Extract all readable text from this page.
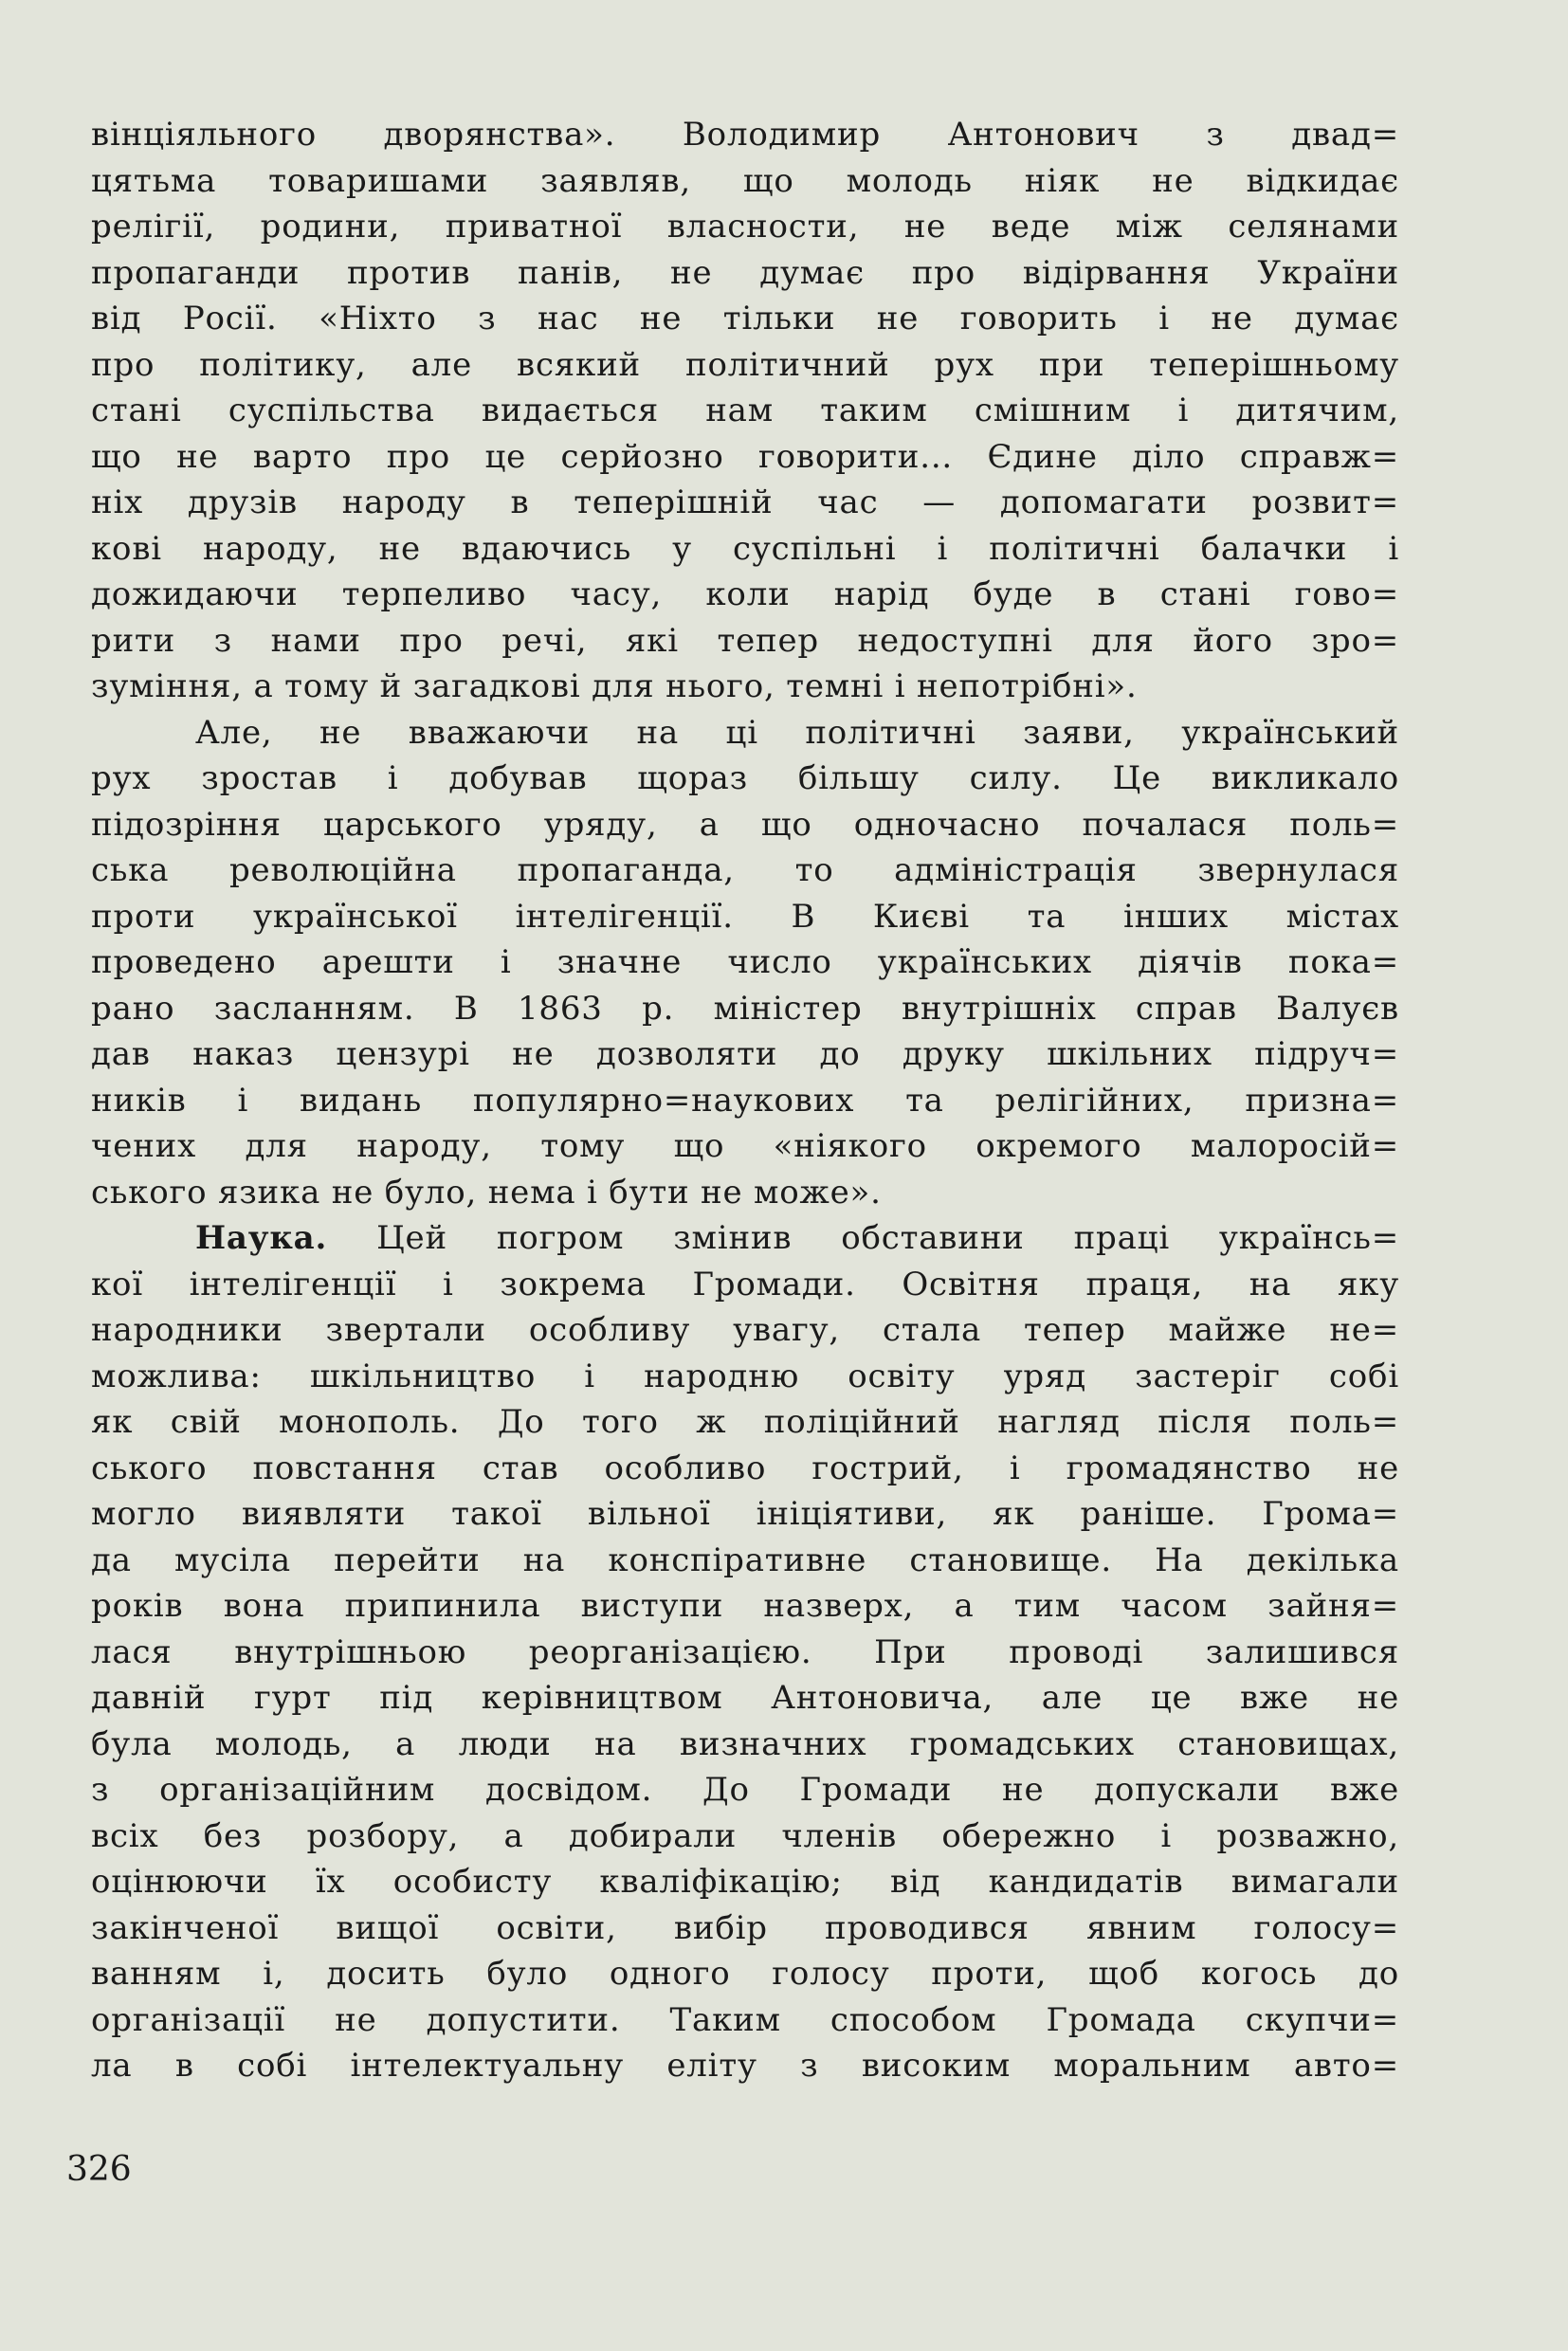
вінціяльного дворянства». Володимир Антонович з двад=
цятьма товаришами заявляв, що молодь ніяк не відкидає
релігії, родини, приватної власности, не веде між селянами
пропаганди против панів, не думає про відірвання України
від Росії. «Ніхто з нас не тільки не говорить і не думає
про політику, але всякий політичний рух при теперішньому
стані суспільства видається нам таким смішним і дитячим,
що не варто про це серйозно говорити... Єдине діло справж=
ніх друзів народу в теперішній час — допомагати розвит=
кові народу, не вдаючись у суспільні і політичні балачки і
дожидаючи терпеливо часу, коли нарід буде в стані гово=
рити з нами про речі, які тепер недоступні для його зро=
зуміння, а тому й загадкові для нього, темні і непотрібні».
Але, не вважаючи на ці політичні заяви, український
рух зростав і добував щораз більшу силу. Це викликало
підозріння царського уряду, а що одночасно почалася поль=
ська революційна пропаганда, то адміністрація звернулася
проти української інтелігенції. В Києві та інших містах
проведено арешти і значне число українських діячів пока=
рано засланням. В 1863 р. міністер внутрішніх справ Валуєв
дав наказ цензурі не дозволяти до друку шкільних підруч=
ників і видань популярно=наукових та релігійних, призна=
чених для народу, тому що «ніякого окремого малоросій=
ського язика не було, нема і бути не може».
Наука. Цей погром змінив обставини праці українсь=
кої інтелігенції і зокрема Громади. Освітня праця, на яку
народники звертали особливу увагу, стала тепер майже не=
можлива: шкільництво і народню освіту уряд застеріг собі
як свій монополь. До того ж поліційний нагляд після поль=
ського повстання став особливо гострий, і громадянство не
могло виявляти такої вільної ініціятиви, як раніше. Грома=
да мусіла перейти на конспіративне становище. На декілька
років вона припинила виступи назверх, а тим часом зайня=
лася внутрішньою реорганізацією. При проводі залишився
давній гурт під керівництвом Антоновича, але це вже не
була молодь, а люди на визначних громадських становищах,
з організаційним досвідом. До Громади не допускали вже
всіх без розбору, а добирали членів обережно і розважно,
оцінюючи їх особисту кваліфікацію; від кандидатів вимагали
закінченої вищої освіти, вибір проводився явним голосу=
ванням і, досить було одного голосу проти, щоб когось до
організації не допустити. Таким способом Громада скупчи=
ла в собі інтелектуальну еліту з високим моральним авто=
326
